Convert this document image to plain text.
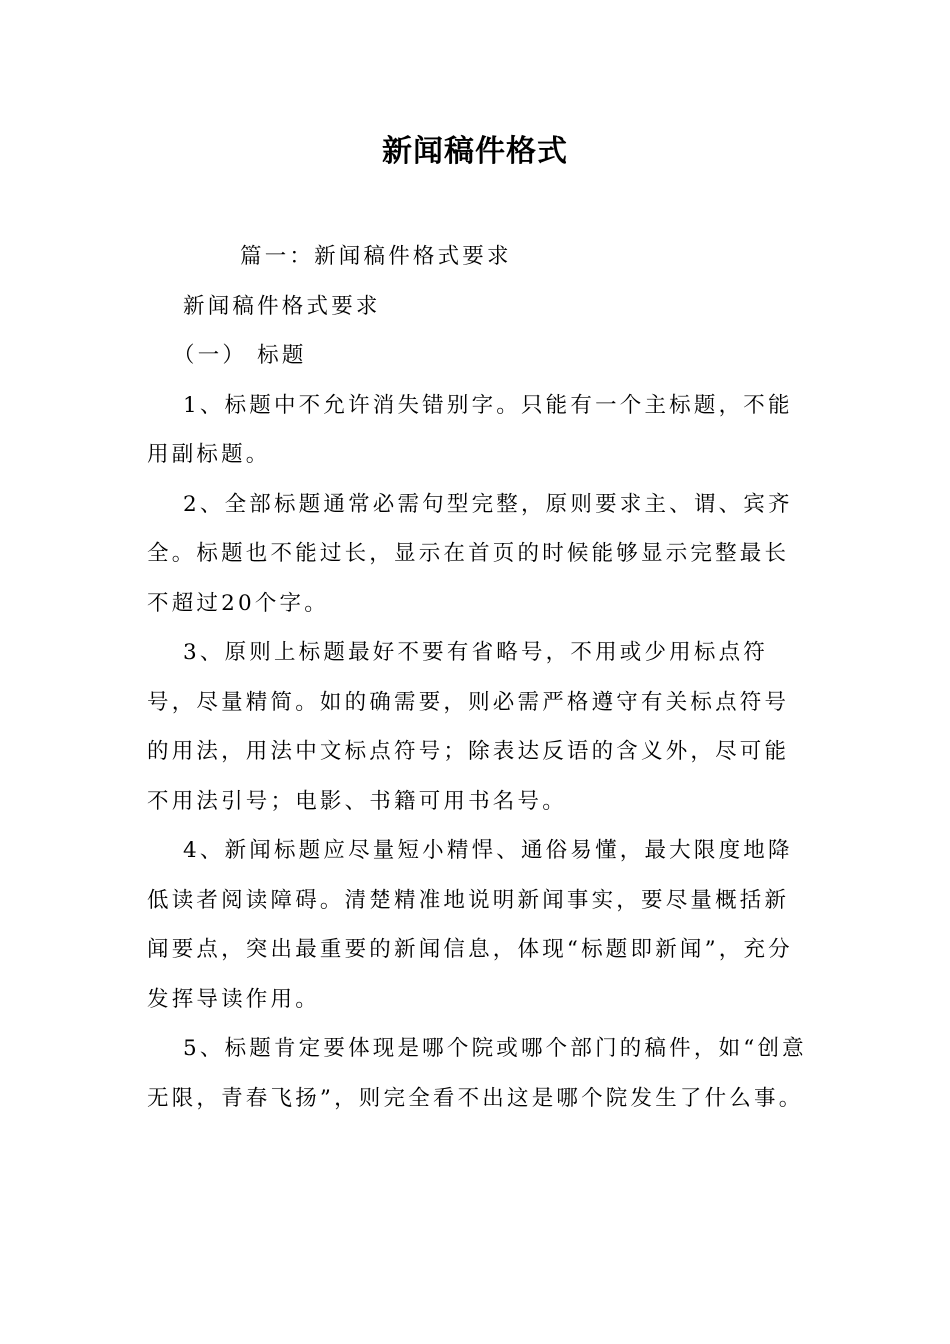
新闻稿件格式

篇一：新闻稿件格式要求

新闻稿件格式要求

（一） 标题

1、标题中不允许消失错别字。只能有一个主标题，不能用副标题。

2、全部标题通常必需句型完整，原则要求主、谓、宾齐全。标题也不能过长，显示在首页的时候能够显示完整最长不超过20个字。

3、原则上标题最好不要有省略号，不用或少用标点符号，尽量精简。如的确需要，则必需严格遵守有关标点符号的用法，用法中文标点符号；除表达反语的含义外，尽可能不用法引号；电影、书籍可用书名号。

4、新闻标题应尽量短小精悍、通俗易懂，最大限度地降低读者阅读障碍。清楚精准地说明新闻事实，要尽量概括新闻要点，突出最重要的新闻信息，体现“标题即新闻”，充分发挥导读作用。

5、标题肯定要体现是哪个院或哪个部门的稿件，如“创意无限，青春飞扬”，则完全看不出这是哪个院发生了什么事。
